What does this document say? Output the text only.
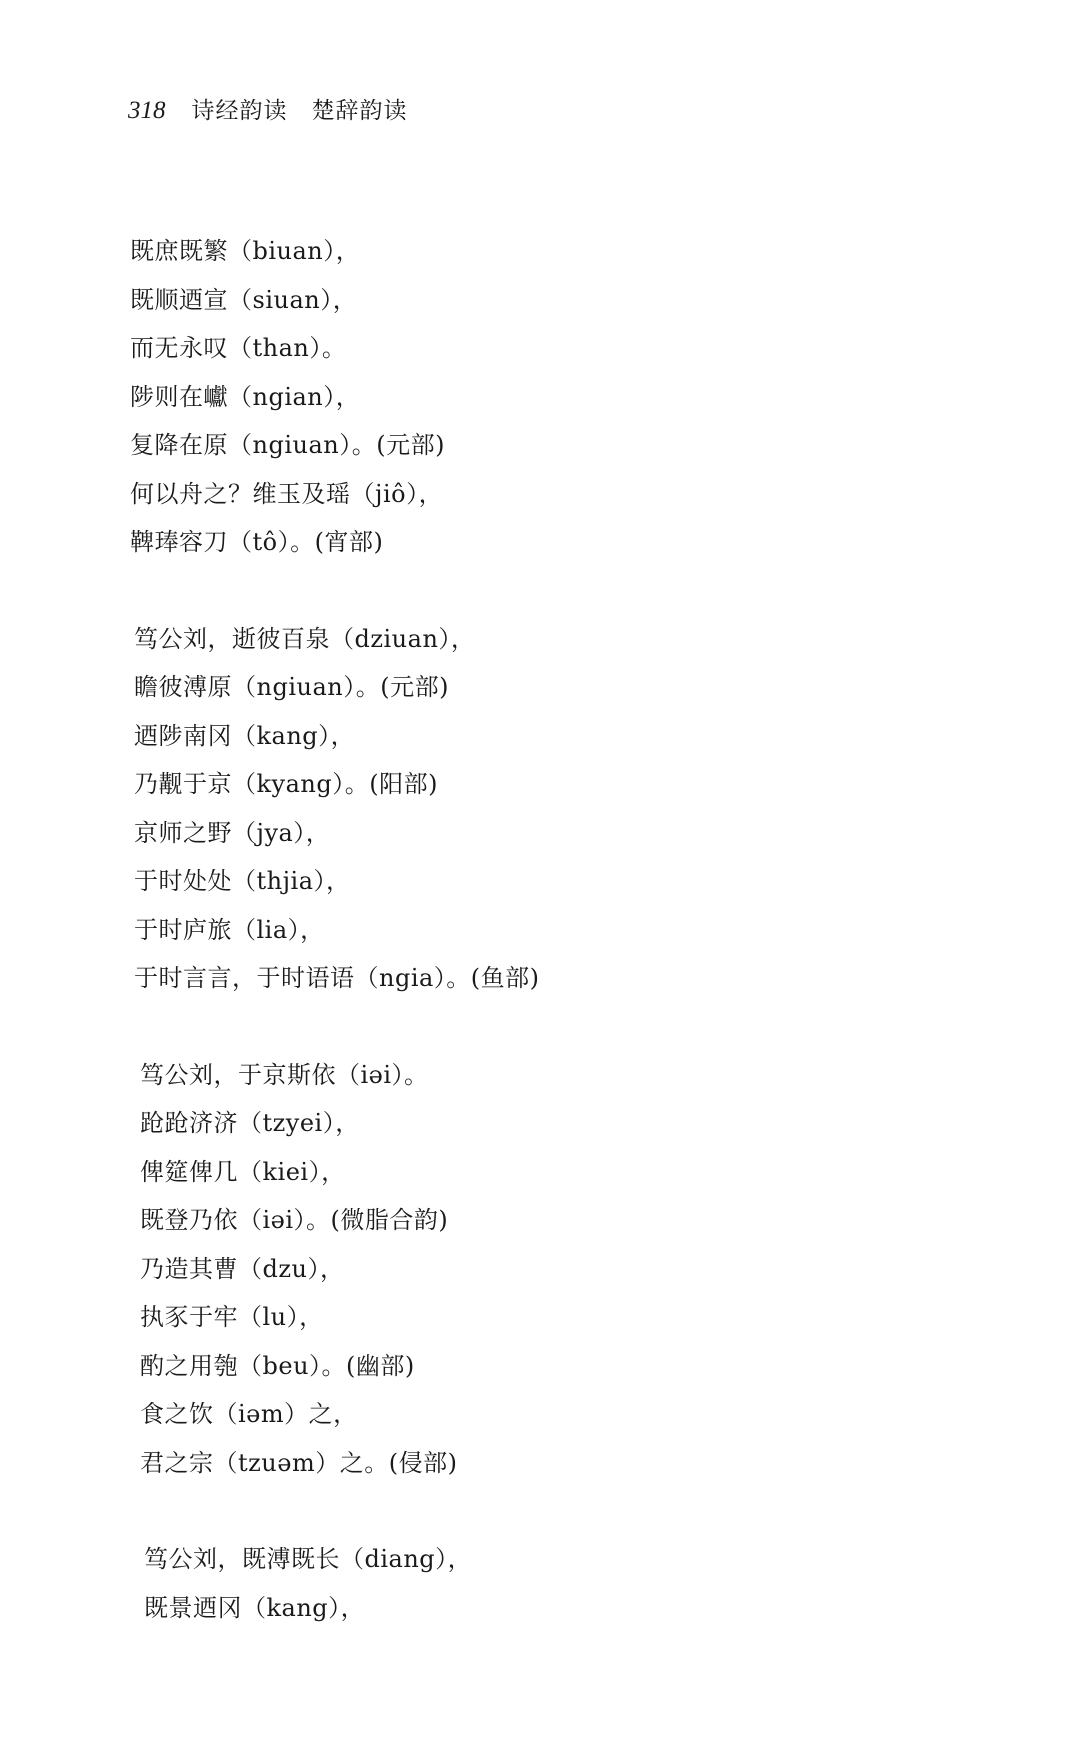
318 诗经韵读　楚辞韵读
既庶既繁（biuan），
既顺迺宣（siuan），
而无永叹（than）。
陟则在巘（ngian），
复降在原（ngiuan）。(元部)
何以舟之？维玉及瑶（jiô），
鞞琫容刀（tô）。(宵部)
笃公刘，逝彼百泉（dziuan），
瞻彼溥原（ngiuan）。(元部)
迺陟南冈（kang），
乃觏于京（kyang）。(阳部)
京师之野（jya），
于时处处（thjia），
于时庐旅（lia），
于时言言，于时语语（ngia）。(鱼部)
笃公刘，于京斯依（iəi）。
跄跄济济（tzyei），
俾筵俾几（kiei），
既登乃依（iəi）。(微脂合韵)
乃造其曹（dzu），
执豕于牢（lu），
酌之用匏（beu）。(幽部)
食之饮（iəm）之，
君之宗（tzuəm）之。(侵部)
笃公刘，既溥既长（diang），
既景迺冈（kang），
